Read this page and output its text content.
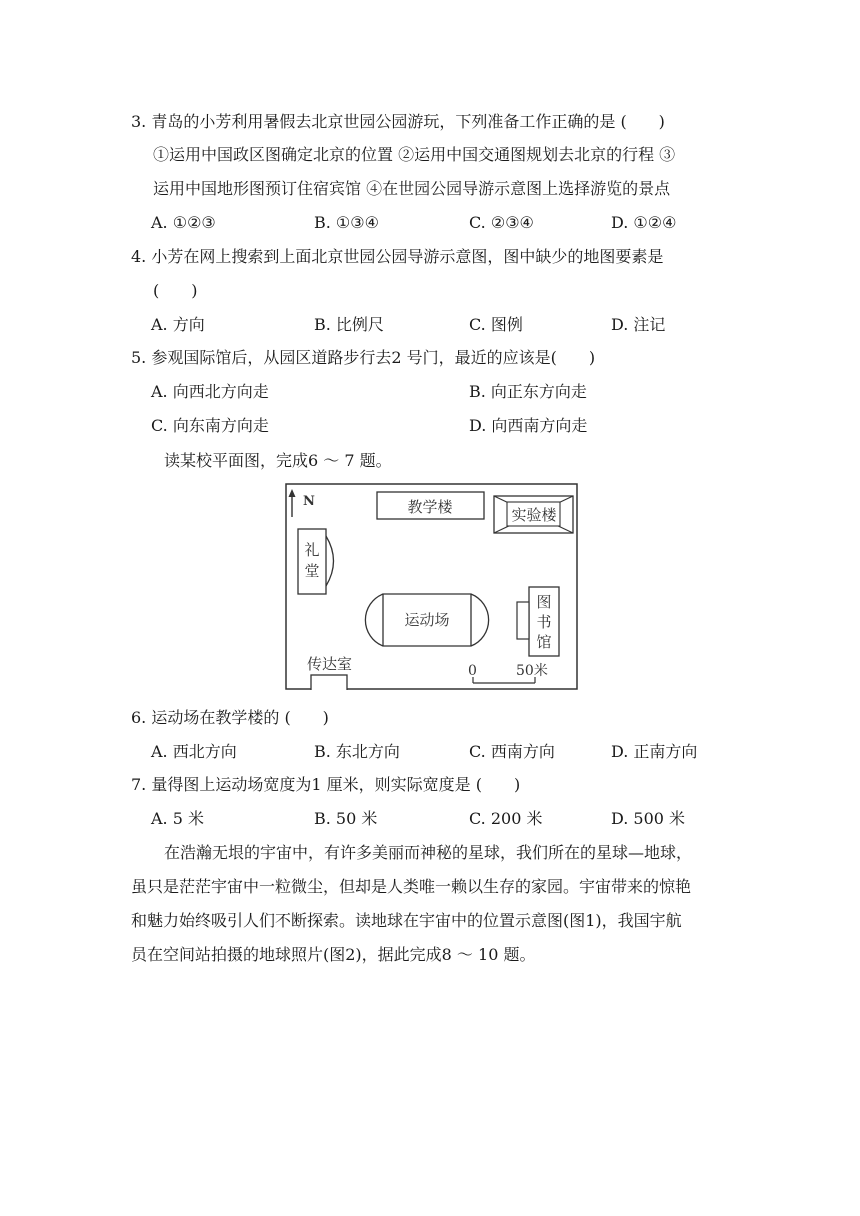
3. 青岛的小芳利用暑假去北京世园公园游玩，下列准备工作正确的是 (　　)
①运用中国政区图确定北京的位置 ②运用中国交通图规划去北京的行程 ③
运用中国地形图预订住宿宾馆 ④在世园公园导游示意图上选择游览的景点
A. ①②③	B. ①③④	C. ②③④	D. ①②④
4. 小芳在网上搜索到上面北京世园公园导游示意图，图中缺少的地图要素是
(　　)
A. 方向	B. 比例尺	C. 图例	D. 注记
5. 参观国际馆后，从园区道路步行去2 号门，最近的应该是(　　)
A. 向西北方向走	B. 向正东方向走
C. 向东南方向走	D. 向西南方向走
读某校平面图，完成6 ～ 7 题。
N	教学楼	实验楼
礼
堂
运动场
图
书
馆
传达室	0	50米
6. 运动场在教学楼的 (　　)
A. 西北方向	B. 东北方向	C. 西南方向	D. 正南方向
7. 量得图上运动场宽度为1 厘米，则实际宽度是 (　　)
A. 5 米	B. 50 米	C. 200 米	D. 500 米
在浩瀚无垠的宇宙中，有许多美丽而神秘的星球，我们所在的星球—地球，
虽只是茫茫宇宙中一粒微尘，但却是人类唯一赖以生存的家园。宇宙带来的惊艳
和魅力始终吸引人们不断探索。读地球在宇宙中的位置示意图(图1)，我国宇航
员在空间站拍摄的地球照片(图2)，据此完成8 ～ 10 题。
